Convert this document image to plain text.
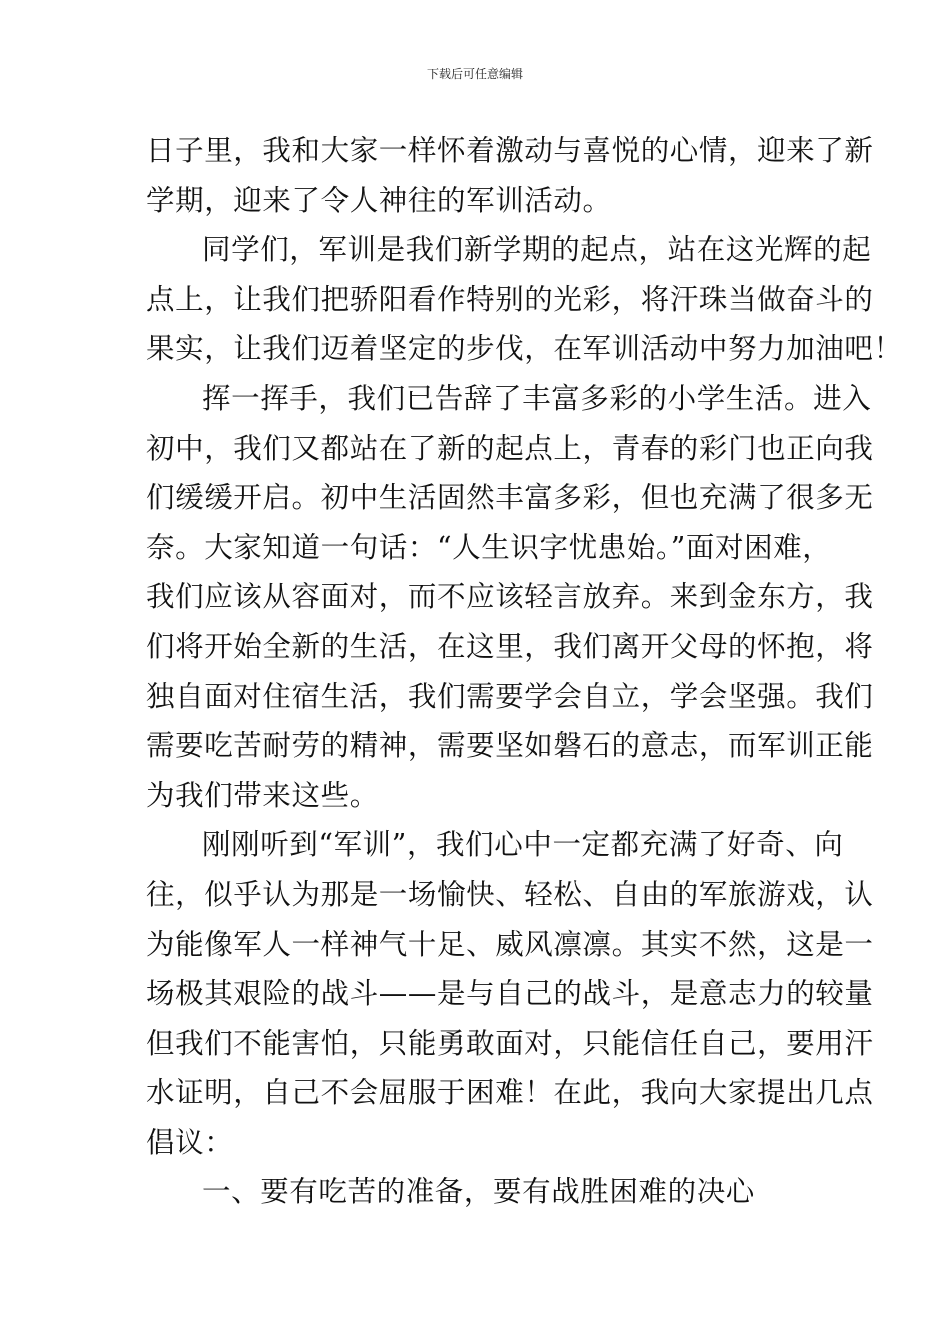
下载后可任意编辑
日子里，我和大家一样怀着激动与喜悦的心情，迎来了新
学期，迎来了令人神往的军训活动。
同学们，军训是我们新学期的起点，站在这光辉的起
点上，让我们把骄阳看作特别的光彩，将汗珠当做奋斗的
果实，让我们迈着坚定的步伐，在军训活动中努力加油吧！
挥一挥手，我们已告辞了丰富多彩的小学生活。进入
初中，我们又都站在了新的起点上，青春的彩门也正向我
们缓缓开启。初中生活固然丰富多彩，但也充满了很多无
奈。大家知道一句话：“人生识字忧患始。”面对困难，
我们应该从容面对，而不应该轻言放弃。来到金东方，我
们将开始全新的生活，在这里，我们离开父母的怀抱，将
独自面对住宿生活，我们需要学会自立，学会坚强。我们
需要吃苦耐劳的精神，需要坚如磐石的意志，而军训正能
为我们带来这些。
刚刚听到“军训”，我们心中一定都充满了好奇、向
往，似乎认为那是一场愉快、轻松、自由的军旅游戏，认
为能像军人一样神气十足、威风凛凛。其实不然，这是一
场极其艰险的战斗——是与自己的战斗，是意志力的较量
但我们不能害怕，只能勇敢面对，只能信任自己，要用汗
水证明，自己不会屈服于困难！在此，我向大家提出几点
倡议：
一、要有吃苦的准备，要有战胜困难的决心
